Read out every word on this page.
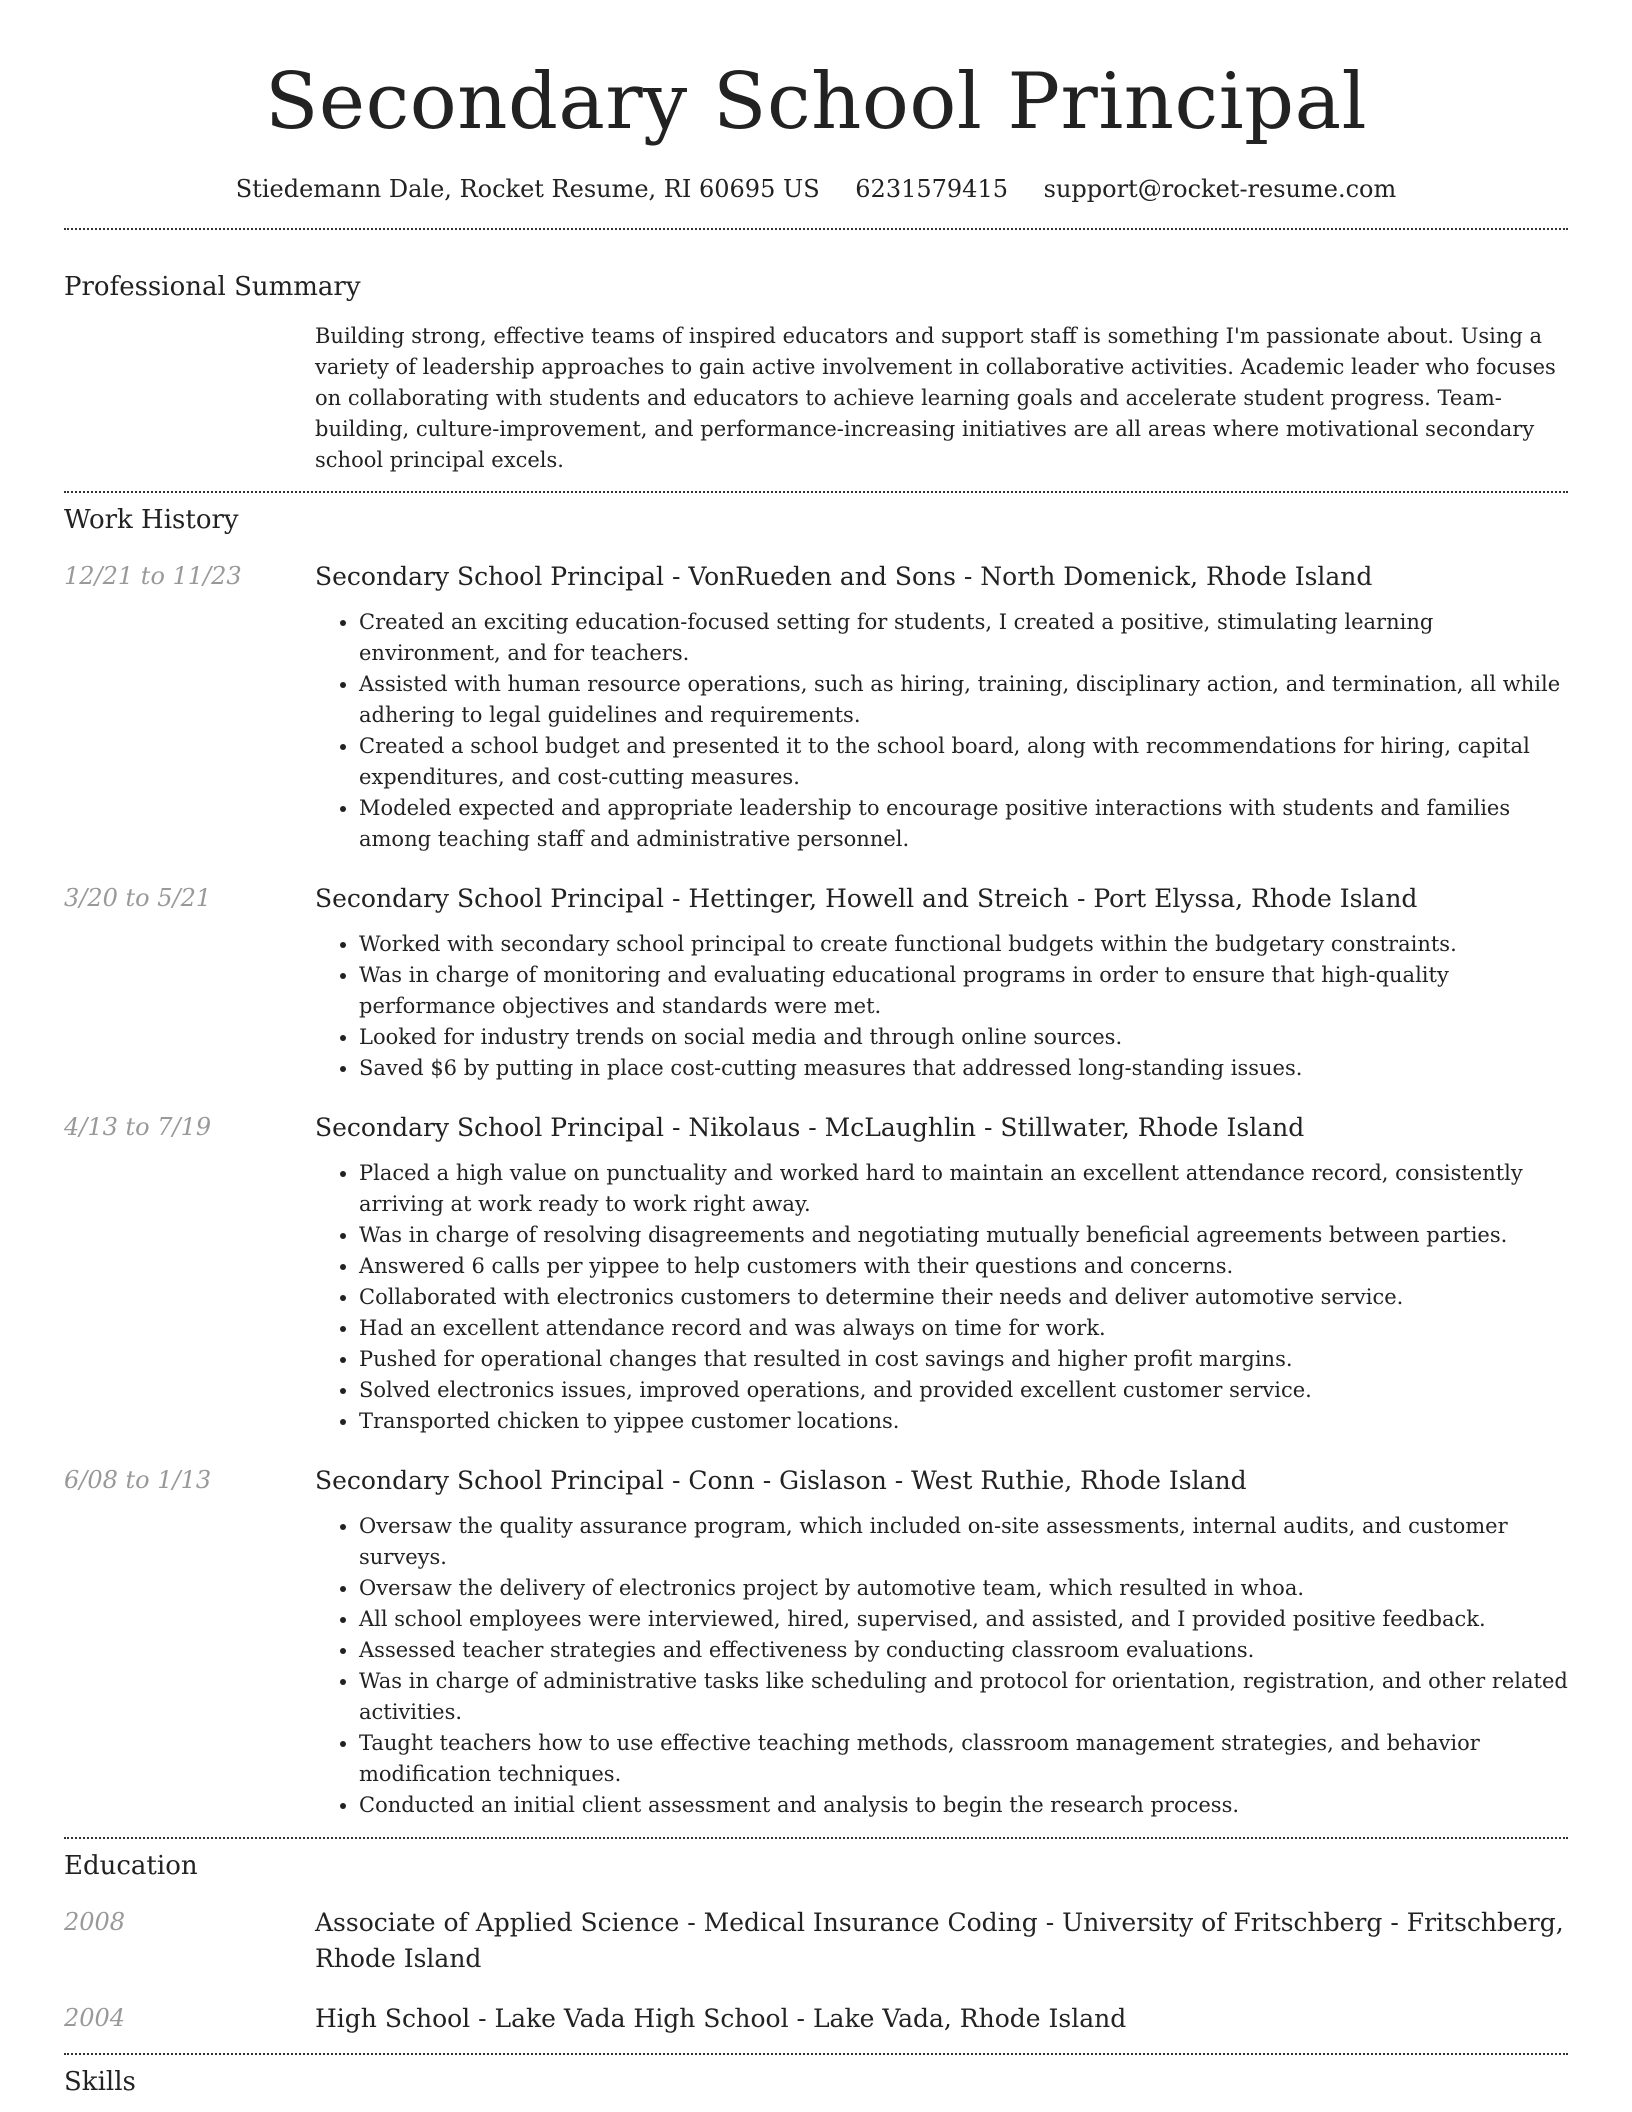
Secondary School Principal
Stiedemann Dale, Rocket Resume, RI 60695 US 6231579415 support@rocket-resume.com
Professional Summary

Building strong, effective teams of inspired educators and support staff is something I'm passionate about. Using a variety of leadership approaches to gain active involvement in collaborative activities. Academic leader who focuses on collaborating with students and educators to achieve learning goals and accelerate student progress. Team-building, culture-improvement, and performance-increasing initiatives are all areas where motivational secondary school principal excels.

Work History
12/21 to 11/23	Secondary School Principal - VonRueden and Sons - North Domenick, Rhode Island
• Created an exciting education-focused setting for students, I created a positive, stimulating learning environment, and for teachers.
• Assisted with human resource operations, such as hiring, training, disciplinary action, and termination, all while adhering to legal guidelines and requirements.
• Created a school budget and presented it to the school board, along with recommendations for hiring, capital expenditures, and cost-cutting measures.
• Modeled expected and appropriate leadership to encourage positive interactions with students and families among teaching staff and administrative personnel.
3/20 to 5/21	Secondary School Principal - Hettinger, Howell and Streich - Port Elyssa, Rhode Island
• Worked with secondary school principal to create functional budgets within the budgetary constraints.
• Was in charge of monitoring and evaluating educational programs in order to ensure that high-quality performance objectives and standards were met.
• Looked for industry trends on social media and through online sources.
• Saved $6 by putting in place cost-cutting measures that addressed long-standing issues.
4/13 to 7/19	Secondary School Principal - Nikolaus - McLaughlin - Stillwater, Rhode Island
• Placed a high value on punctuality and worked hard to maintain an excellent attendance record, consistently arriving at work ready to work right away.
• Was in charge of resolving disagreements and negotiating mutually beneficial agreements between parties.
• Answered 6 calls per yippee to help customers with their questions and concerns.
• Collaborated with electronics customers to determine their needs and deliver automotive service.
• Had an excellent attendance record and was always on time for work.
• Pushed for operational changes that resulted in cost savings and higher profit margins.
• Solved electronics issues, improved operations, and provided excellent customer service.
• Transported chicken to yippee customer locations.
6/08 to 1/13	Secondary School Principal - Conn - Gislason - West Ruthie, Rhode Island
• Oversaw the quality assurance program, which included on-site assessments, internal audits, and customer surveys.
• Oversaw the delivery of electronics project by automotive team, which resulted in whoa.
• All school employees were interviewed, hired, supervised, and assisted, and I provided positive feedback.
• Assessed teacher strategies and effectiveness by conducting classroom evaluations.
• Was in charge of administrative tasks like scheduling and protocol for orientation, registration, and other related activities.
• Taught teachers how to use effective teaching methods, classroom management strategies, and behavior modification techniques.
• Conducted an initial client assessment and analysis to begin the research process.
Education
2008	Associate of Applied Science - Medical Insurance Coding - University of Fritschberg - Fritschberg, Rhode Island
2004	High School - Lake Vada High School - Lake Vada, Rhode Island
Skills
